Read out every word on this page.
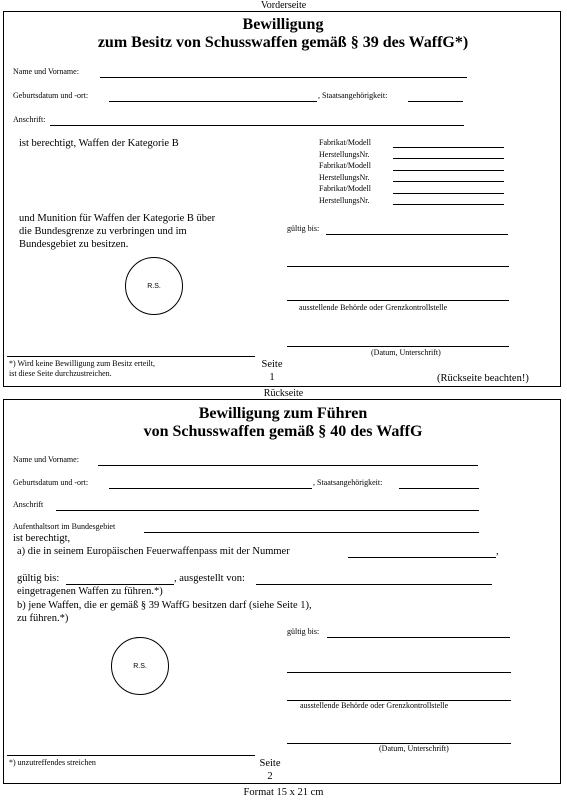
Vorderseite
Bewilligung
zum Besitz von Schusswaffen gemäß § 39 des WaffG*)
Name und Vorname:
Geburtsdatum und -ort:	, Staatsangehörigkeit:
Anschrift:
ist berechtigt, Waffen der Kategorie B	Fabrikat/Modell
HerstellungsNr.
Fabrikat/Modell
HerstellungsNr.
Fabrikat/Modell
HerstellungsNr.
und Munition für Waffen der Kategorie B über
die Bundesgrenze zu verbringen und im
Bundesgebiet zu besitzen.
gültig bis:
R.S.
ausstellende Behörde oder Grenzkontrollstelle
(Datum, Unterschrift)
*) Wird keine Bewilligung zum Besitz erteilt,
ist diese Seite durchzustreichen.
Seite
1	(Rückseite beachten!)
Rückseite
Bewilligung zum Führen
von Schusswaffen gemäß § 40 des WaffG
Name und Vorname:
Geburtsdatum und -ort:	, Staatsangehörigkeit:
Anschrift
Aufenthaltsort im Bundesgebiet
ist berechtigt,
a) die in seinem Europäischen Feuerwaffenpass mit der Nummer	,
gültig bis:	, ausgestellt von:
eingetragenen Waffen zu führen.*)
b) jene Waffen, die er gemäß § 39 WaffG besitzen darf (siehe Seite 1),
zu führen.*)
gültig bis:
R.S.
ausstellende Behörde oder Grenzkontrollstelle
(Datum, Unterschrift)
*) unzutreffendes streichen	Seite
2
Format 15 x 21 cm
